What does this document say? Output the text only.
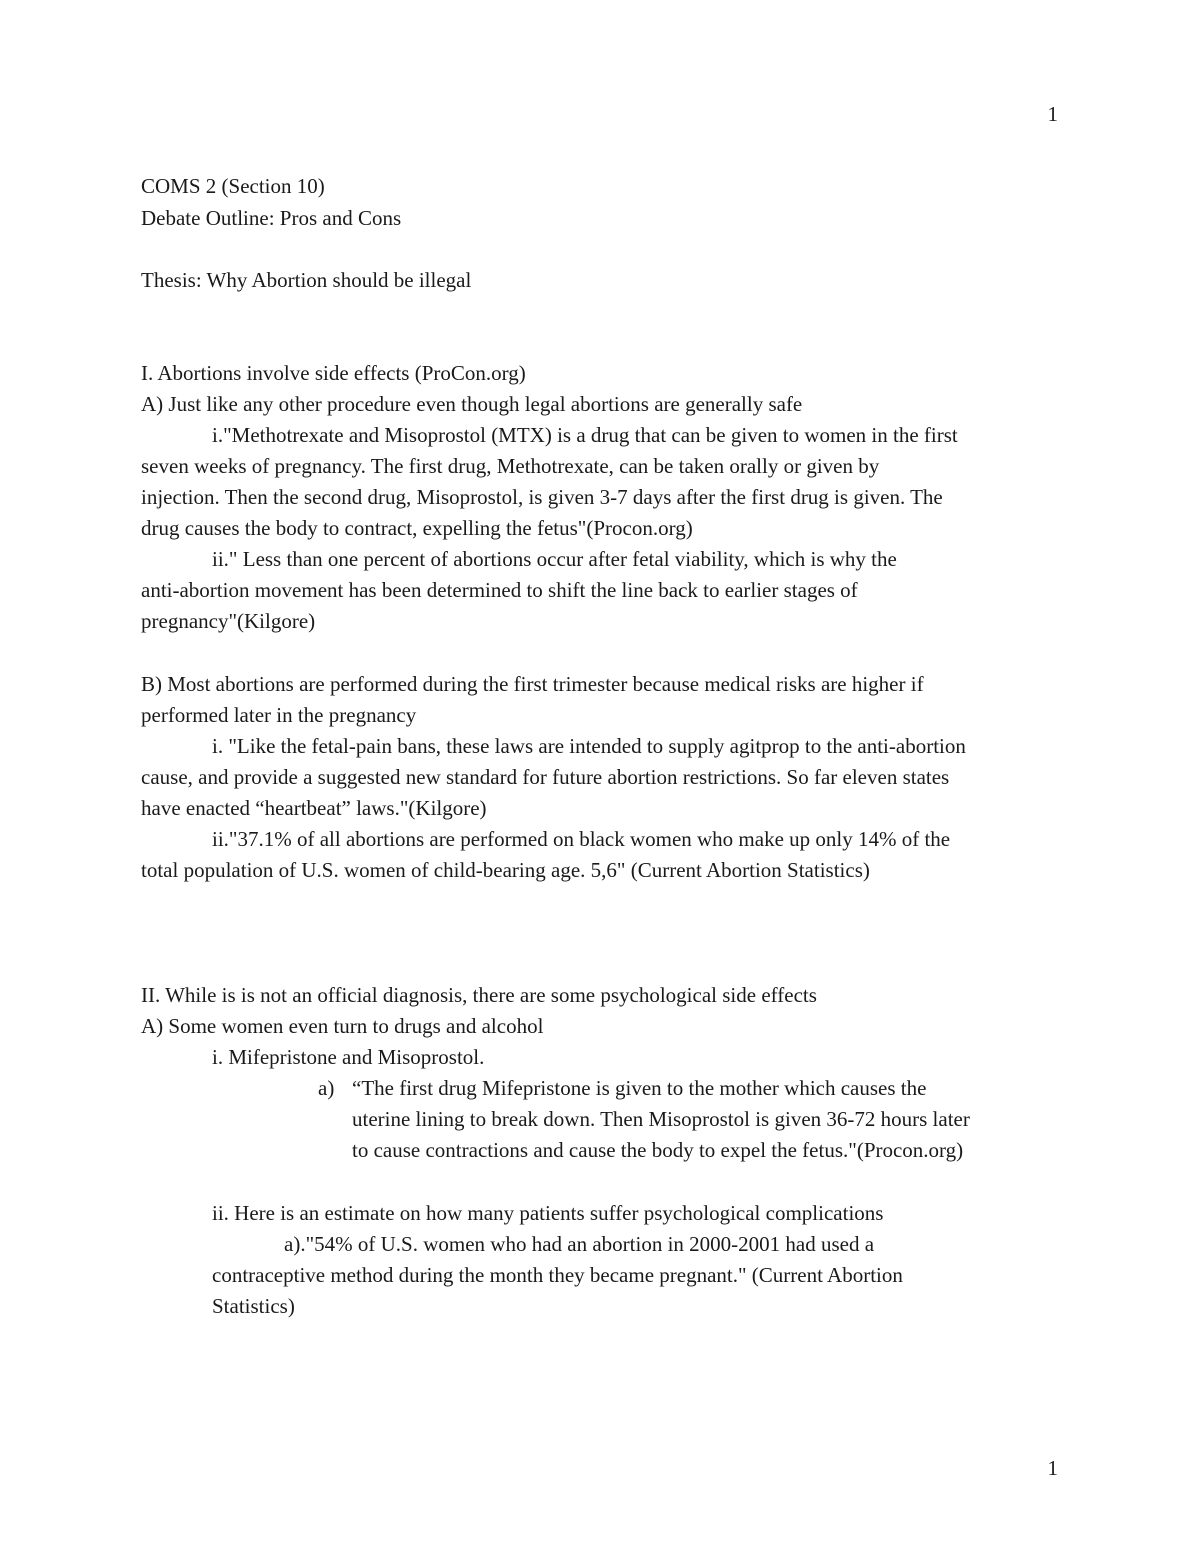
1
COMS 2 (Section 10)
Debate Outline: Pros and Cons
Thesis: Why Abortion should be illegal
I. Abortions involve side effects (ProCon.org)
A) Just like any other procedure even though legal abortions are generally safe
i."Methotrexate and Misoprostol (MTX) is a drug that can be given to women in the first
seven weeks of pregnancy. The first drug, Methotrexate, can be taken orally or given by
injection. Then the second drug, Misoprostol, is given 3-7 days after the first drug is given. The
drug causes the body to contract, expelling the fetus"(Procon.org)
ii." Less than one percent of abortions occur after fetal viability, which is why the
anti-abortion movement has been determined to shift the line back to earlier stages of
pregnancy"(Kilgore)
B) Most abortions are performed during the first trimester because medical risks are higher if
performed later in the pregnancy
i. "Like the fetal-pain bans, these laws are intended to supply agitprop to the anti-abortion
cause, and provide a suggested new standard for future abortion restrictions. So far eleven states
have enacted “heartbeat” laws."(Kilgore)
ii."37.1% of all abortions are performed on black women who make up only 14% of the
total population of U.S. women of child-bearing age. 5,6" (Current Abortion Statistics)
II. While is is not an official diagnosis, there are some psychological side effects
A) Some women even turn to drugs and alcohol
i. Mifepristone and Misoprostol.
a) “The first drug Mifepristone is given to the mother which causes the
uterine lining to break down. Then Misoprostol is given 36-72 hours later
to cause contractions and cause the body to expel the fetus."(Procon.org)
ii. Here is an estimate on how many patients suffer psychological complications
a)."54% of U.S. women who had an abortion in 2000-2001 had used a
contraceptive method during the month they became pregnant." (Current Abortion
Statistics)
1
